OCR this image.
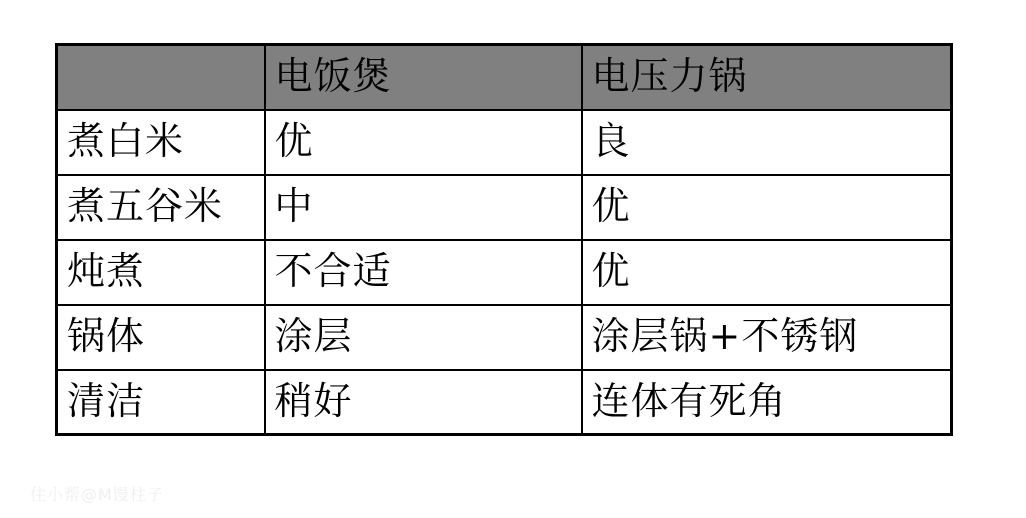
	电饭煲	电压力锅
煮白米	优	良
煮五谷米	中	优
炖煮	不合适	优
锅体	涂层	涂层锅+不锈钢
清洁	稍好	连体有死角
住小帮@M馒柱子
